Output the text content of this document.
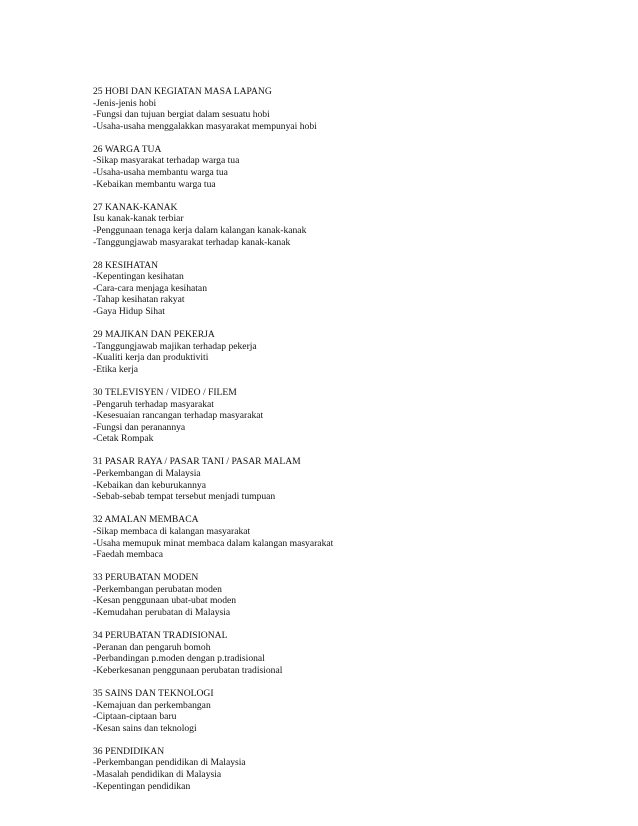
25 HOBI DAN KEGIATAN MASA LAPANG
-Jenis-jenis hobi
-Fungsi dan tujuan bergiat dalam sesuatu hobi
-Usaha-usaha menggalakkan masyarakat mempunyai hobi
26 WARGA TUA
-Sikap masyarakat terhadap warga tua
-Usaha-usaha membantu warga tua
-Kebaikan membantu warga tua
27 KANAK-KANAK
Isu kanak-kanak terbiar
-Penggunaan tenaga kerja dalam kalangan kanak-kanak
-Tanggungjawab masyarakat terhadap kanak-kanak
28 KESIHATAN
-Kepentingan kesihatan
-Cara-cara menjaga kesihatan
-Tahap kesihatan rakyat
-Gaya Hidup Sihat
29 MAJIKAN DAN PEKERJA
-Tanggungjawab majikan terhadap pekerja
-Kualiti kerja dan produktiviti
-Etika kerja
30 TELEVISYEN / VIDEO / FILEM
-Pengaruh terhadap masyarakat
-Kesesuaian rancangan terhadap masyarakat
-Fungsi dan peranannya
-Cetak Rompak
31 PASAR RAYA / PASAR TANI / PASAR MALAM
-Perkembangan di Malaysia
-Kebaikan dan keburukannya
-Sebab-sebab tempat tersebut menjadi tumpuan
32 AMALAN MEMBACA
-Sikap membaca di kalangan masyarakat
-Usaha memupuk minat membaca dalam kalangan masyarakat
-Faedah membaca
33 PERUBATAN MODEN
-Perkembangan perubatan moden
-Kesan penggunaan ubat-ubat moden
-Kemudahan perubatan di Malaysia
34 PERUBATAN TRADISIONAL
-Peranan dan pengaruh bomoh
-Perbandingan p.moden dengan p.tradisional
-Keberkesanan penggunaan perubatan tradisional
35 SAINS DAN TEKNOLOGI
-Kemajuan dan perkembangan
-Ciptaan-ciptaan baru
-Kesan sains dan teknologi
36 PENDIDIKAN
-Perkembangan pendidikan di Malaysia
-Masalah pendidikan di Malaysia
-Kepentingan pendidikan
